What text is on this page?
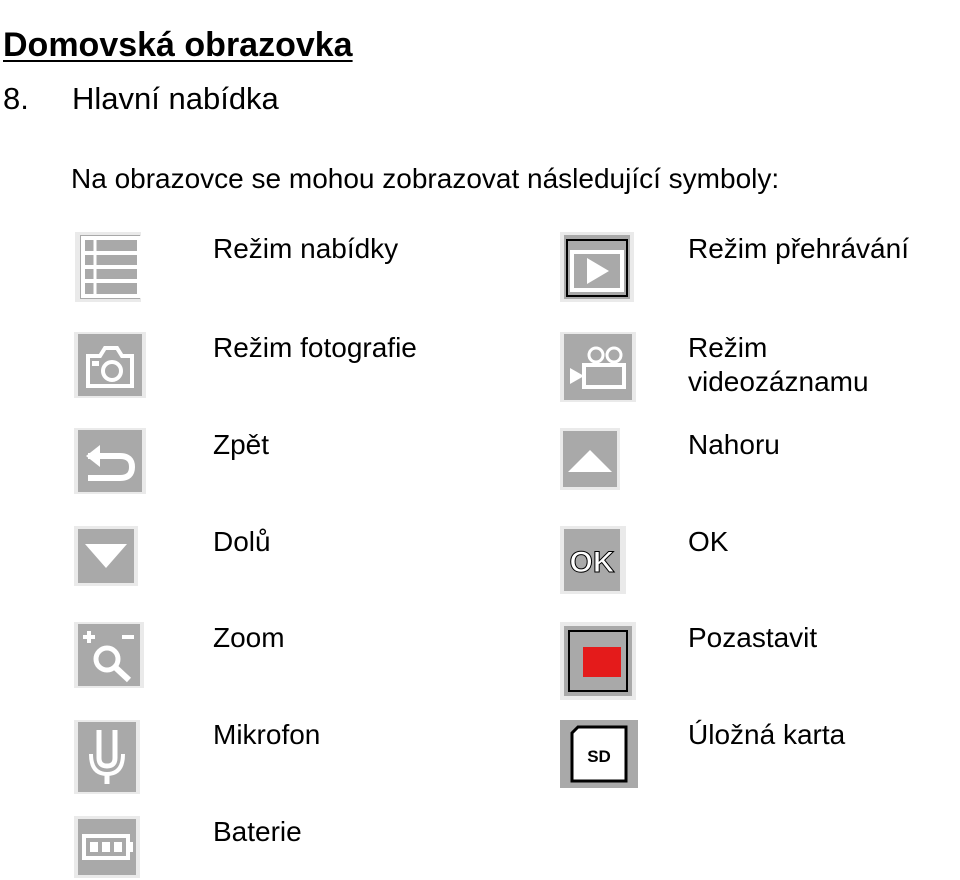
Domovská obrazovka
8. Hlavní nabídka
Na obrazovce se mohou zobrazovat následující symboly:
Režim nabídky
Režim fotografie
Zpět
Dolů
Zoom
Mikrofon
Baterie
Režim přehrávání
Režim videozáznamu
Nahoru
OK
OK
Pozastavit
SD
Úložná karta
